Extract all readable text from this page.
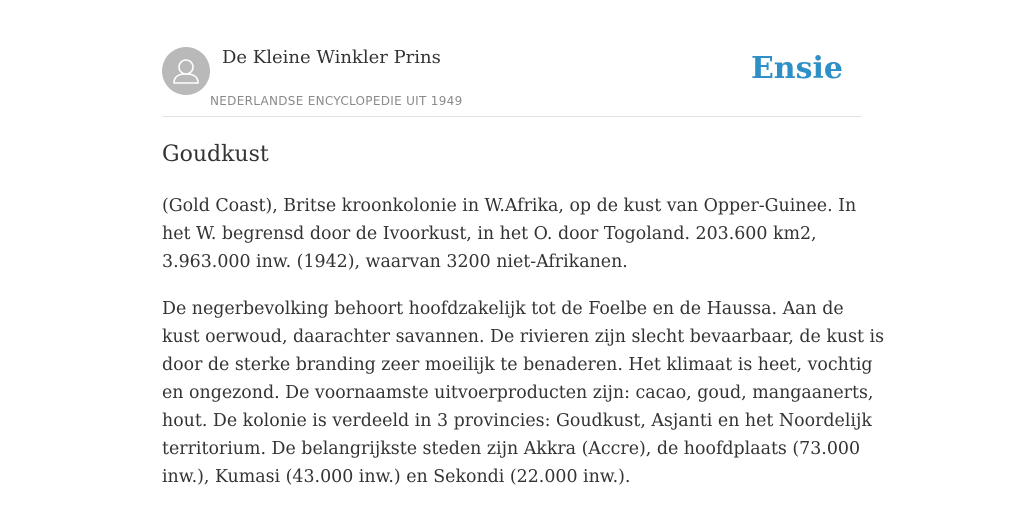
De Kleine Winkler Prins
NEDERLANDSE ENCYCLOPEDIE UIT 1949
Ensie
Goudkust

(Gold Coast), Britse kroonkolonie in W.Afrika, op de kust van Opper-Guinee. In
het W. begrensd door de Ivoorkust, in het O. door Togoland. 203.600 km2,
3.963.000 inw. (1942), waarvan 3200 niet-Afrikanen.

De negerbevolking behoort hoofdzakelijk tot de Foelbe en de Haussa. Aan de
kust oerwoud, daarachter savannen. De rivieren zijn slecht bevaarbaar, de kust is
door de sterke branding zeer moeilijk te benaderen. Het klimaat is heet, vochtig
en ongezond. De voornaamste uitvoerproducten zijn: cacao, goud, mangaanerts,
hout. De kolonie is verdeeld in 3 provincies: Goudkust, Asjanti en het Noordelijk
territorium. De belangrijkste steden zijn Akkra (Accre), de hoofdplaats (73.000
inw.), Kumasi (43.000 inw.) en Sekondi (22.000 inw.).
